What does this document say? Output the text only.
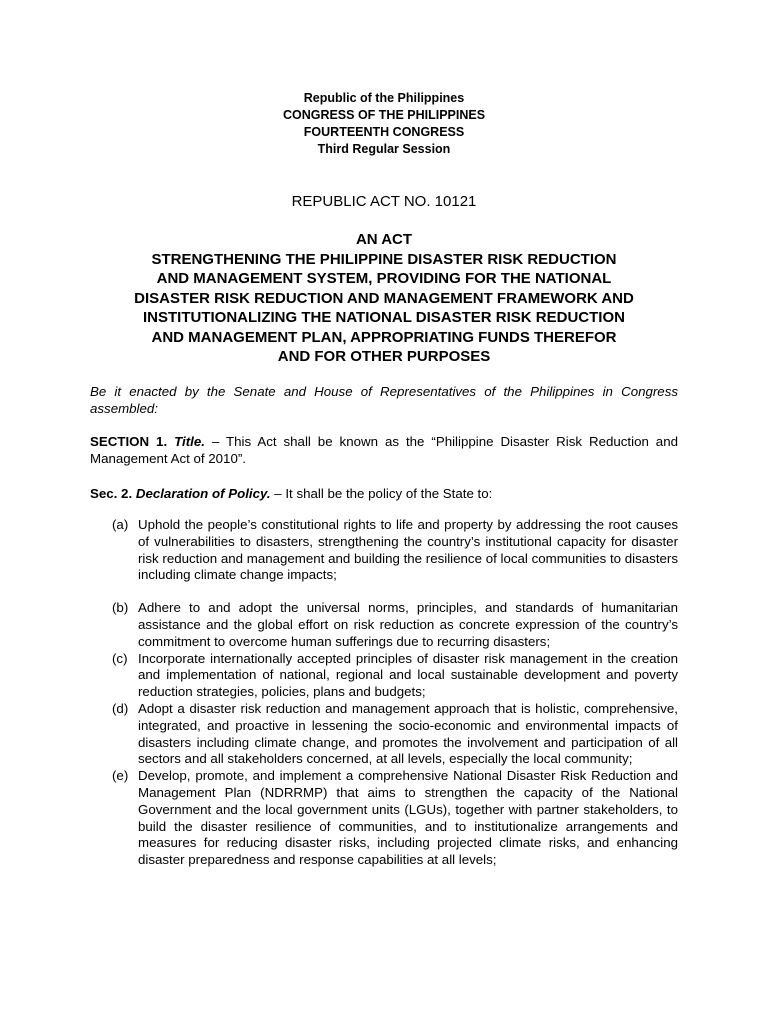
Republic of the Philippines
CONGRESS OF THE PHILIPPINES
FOURTEENTH CONGRESS
Third Regular Session
REPUBLIC ACT NO. 10121
AN ACT
STRENGTHENING THE PHILIPPINE DISASTER RISK REDUCTION
AND MANAGEMENT SYSTEM, PROVIDING FOR THE NATIONAL
DISASTER RISK REDUCTION AND MANAGEMENT FRAMEWORK AND
INSTITUTIONALIZING THE NATIONAL DISASTER RISK REDUCTION
AND MANAGEMENT PLAN, APPROPRIATING FUNDS THEREFOR
AND FOR OTHER PURPOSES
Be it enacted by the Senate and House of Representatives of the Philippines in Congress assembled:
SECTION 1. Title. – This Act shall be known as the “Philippine Disaster Risk Reduction and Management Act of 2010”.
Sec. 2. Declaration of Policy. – It shall be the policy of the State to:
(a) Uphold the people’s constitutional rights to life and property by addressing the root causes of vulnerabilities to disasters, strengthening the country’s institutional capacity for disaster risk reduction and management and building the resilience of local communities to disasters including climate change impacts;
(b) Adhere to and adopt the universal norms, principles, and standards of humanitarian assistance and the global effort on risk reduction as concrete expression of the country’s commitment to overcome human sufferings due to recurring disasters;
(c) Incorporate internationally accepted principles of disaster risk management in the creation and implementation of national, regional and local sustainable development and poverty reduction strategies, policies, plans and budgets;
(d) Adopt a disaster risk reduction and management approach that is holistic, comprehensive, integrated, and proactive in lessening the socio-economic and environmental impacts of disasters including climate change, and promotes the involvement and participation of all sectors and all stakeholders concerned, at all levels, especially the local community;
(e) Develop, promote, and implement a comprehensive National Disaster Risk Reduction and Management Plan (NDRRMP) that aims to strengthen the capacity of the National Government and the local government units (LGUs), together with partner stakeholders, to build the disaster resilience of communities, and to institutionalize arrangements and measures for reducing disaster risks, including projected climate risks, and enhancing disaster preparedness and response capabilities at all levels;
